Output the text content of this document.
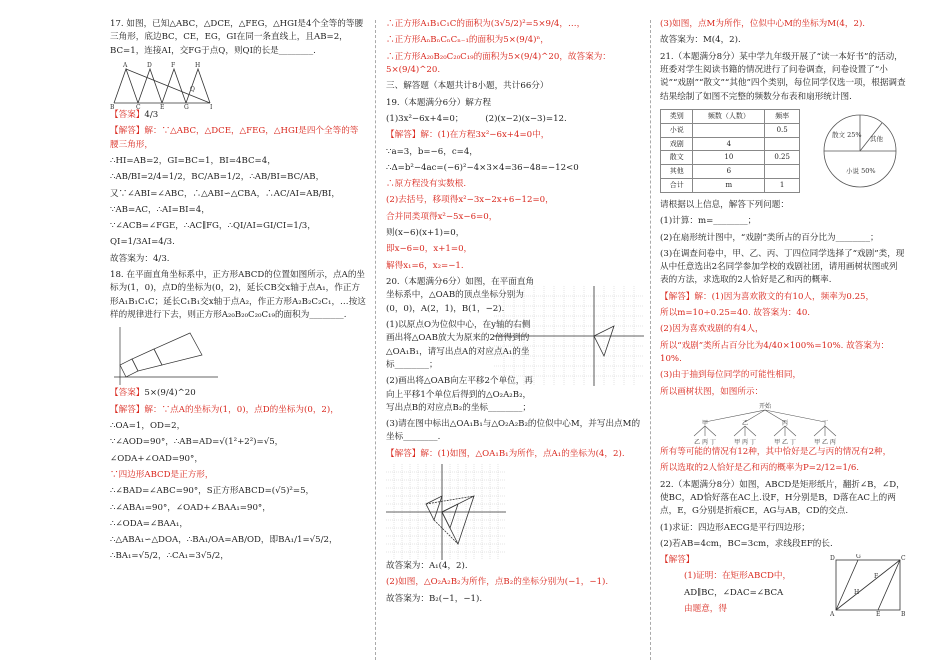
17. 如图，已知△ABC，△DCE，△FEG，△HGI是4个全等的等腰三角形，底边BC，CE，EG，GI在同一条直线上，且AB=2，BC=1，连接AI，交FG于点Q，则QI的长是________.

A	D	F	H
B	C	E	G	I
Q

【答案】4/3

【解答】解：∵△ABC，△DCE，△FEG，△HGI是四个全等的等腰三角形，

∴HI=AB=2，GI=BC=1，BI=4BC=4，

∴AB/BI=2/4=1/2，BC/AB=1/2，∴AB/BI=BC/AB，

又∵∠ABI=∠ABC，∴△ABI∽△CBA，∴AC/AI=AB/BI，

∵AB=AC，∴AI=BI=4，

∵∠ACB=∠FGE，∴AC∥FG，∴QI/AI=GI/CI=1/3，

QI=1/3AI=4/3.

故答案为：4/3.

18. 在平面直角坐标系中，正方形ABCD的位置如图所示，点A的坐标为(1，0)，点D的坐标为(0，2)，延长CB交x轴于点A₁，作正方形A₁B₁C₁C；延长C₁B₁交x轴于点A₂，作正方形A₂B₂C₂C₁，…按这样的规律进行下去，则正方形A₂₀B₂₀C₂₀C₁₉的面积为________.

【答案】5×(9/4)^20

【解答】解：∵点A的坐标为(1，0)，点D的坐标为(0，2)，

∴OA=1，OD=2，

∵∠AOD=90°，∴AB=AD=√(1²+2²)=√5，

∠ODA+∠OAD=90°，

∵四边形ABCD是正方形，

∴∠BAD=∠ABC=90°，S正方形ABCD=(√5)²=5，

∴∠ABA₁=90°，∠OAD+∠BAA₁=90°，

∴∠ODA=∠BAA₁，

∴△ABA₁∽△DOA，∴BA₁/OA=AB/OD，即BA₁/1=√5/2，

∴BA₁=√5/2，∴CA₁=3√5/2，

∴正方形A₁B₁C₁C的面积为(3√5/2)²=5×9/4，…，

∴正方形AₙBₙCₙCₙ₋₁的面积为5×(9/4)ⁿ，

∴正方形A₂₀B₂₀C₂₀C₁₉的面积为5×(9/4)^20，故答案为：5×(9/4)^20.

三、解答题（本题共计8小题，共计66分）

19.（本题满分6分）解方程

(1)3x²−6x+4=0；	(2)(x−2)(x−3)=12.

【解答】解：(1)在方程3x²−6x+4=0中，

∵a=3，b=−6，c=4，

∴Δ=b²−4ac=(−6)²−4×3×4=36−48=−12<0

∴原方程没有实数根.

(2)去括号，移项得x²−3x−2x+6−12=0，

合并同类项得x²−5x−6=0，

则(x−6)(x+1)=0，

即x−6=0，x+1=0，

解得x₁=6，x₂=−1.

20.（本题满分6分）如图，在平面直角坐标系中，△OAB的顶点坐标分别为(0，0)，A(2，1)，B(1，−2).

(1)以原点O为位似中心，在y轴的右侧画出将△OAB放大为原来的2倍得到的△OA₁B₁，请写出点A的对应点A₁的坐标________；

(2)画出将△OAB向左平移2个单位，再向上平移1个单位后得到的△O₂A₂B₂，写出点B的对应点B₂的坐标________；

(3)请在图中标出△OA₁B₁与△O₂A₂B₂的位似中心M，并写出点M的坐标________.

【解答】解：(1)如图，△OA₁B₁为所作，点A₁的坐标为(4，2).

故答案为：A₁(4，2).

(2)如图，△O₂A₂B₂为所作，点B₂的坐标分别为(−1，−1).

故答案为：B₂(−1，−1).

(3)如图，点M为所作，位似中心M的坐标为M(4，2).

故答案为：M(4，2).

21.（本题满分8分）某中学九年级开展了“读一本好书”的活动，班委对学生阅读书籍的情况进行了问卷调查，问卷设置了“小说”“戏剧”“散文”“其他”四个类别，每位同学仅选一项，根据调查结果绘制了如图不完整的频数分布表和扇形统计图.

类别	频数（人数）	频率
小说		0.5
戏剧	4	
散文	10	0.25
其他	6	
合计	m	1
散文 25% 其他
小说 50%

请根据以上信息，解答下列问题：

(1)计算：m=________；

(2)在扇形统计图中，“戏剧”类所占的百分比为________；

(3)在调查问卷中，甲、乙、丙、丁四位同学选择了“戏剧”类，现从中任意选出2名同学参加学校的戏剧社团，请用画树状图或列表的方法，求选取的2人恰好是乙和丙的概率.

【解答】解：(1)因为喜欢散文的有10人，频率为0.25，

所以m=10÷0.25=40. 故答案为：40.

(2)因为喜欢戏剧的有4人，

所以“戏剧”类所占百分比为4/40×100%=10%. 故答案为：10%.

(3)由于抽到每位同学的可能性相同，

所以画树状图，如图所示：

开始
甲	乙	丙	丁
乙 丙 丁	甲 丙 丁	甲 乙 丁	甲 乙 丙

所有等可能的情况有12种，其中恰好是乙与丙的情况有2种，

所以选取的2人恰好是乙和丙的概率为P=2/12=1/6.

22.（本题满分8分）如图，ABCD是矩形纸片，翻折∠B，∠D，使BC，AD恰好落在AC上.设F，H分别是B，D落在AC上的两点，E，G分别是折痕CE，AG与AB，CD的交点.

(1)求证：四边形AECG是平行四边形；

(2)若AB=4cm，BC=3cm，求线段EF的长.

【解答】

(1)证明：在矩形ABCD中，

AD∥BC，∠DAC=∠BCA

由题意，得

D	G	C
A	E	B
F
H
